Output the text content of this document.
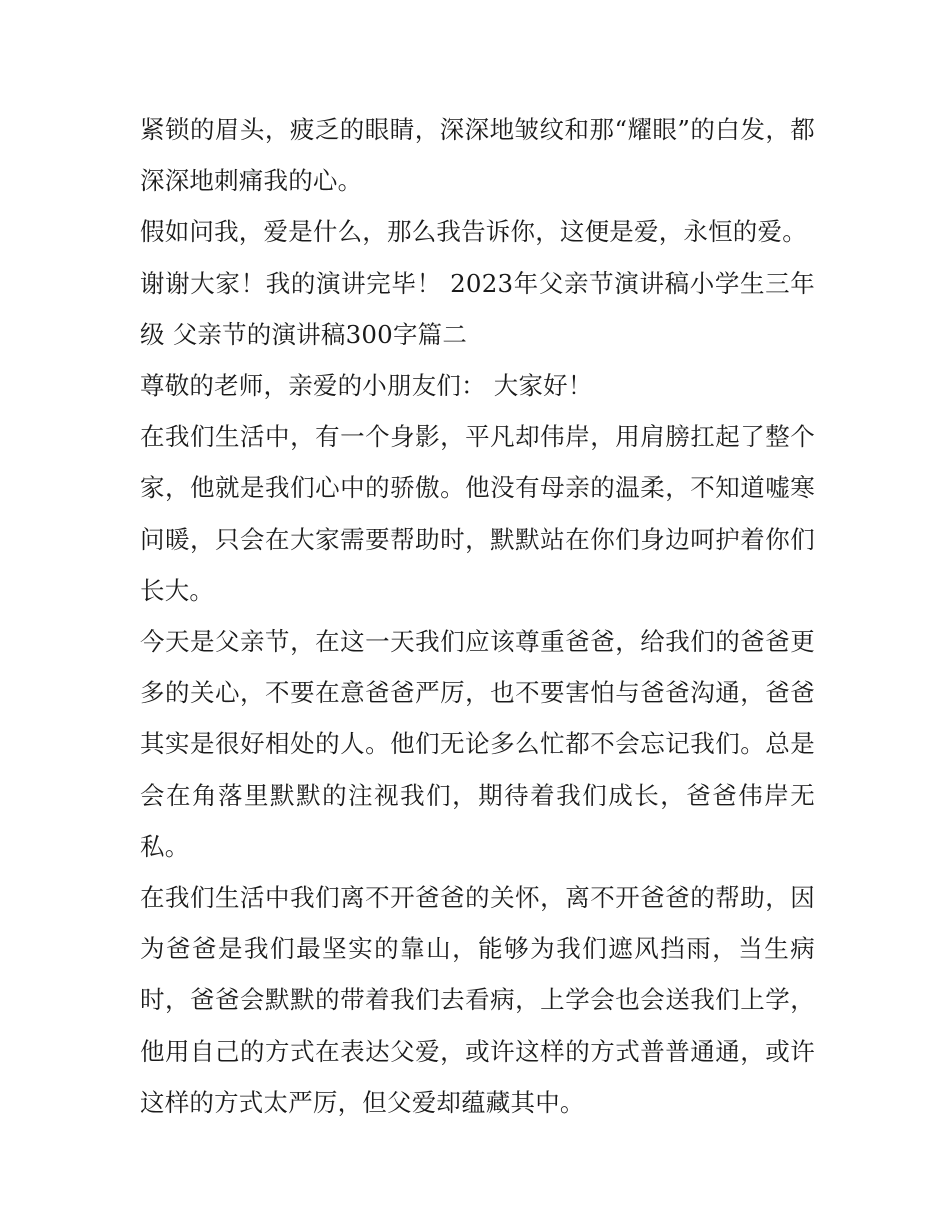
紧锁的眉头，疲乏的眼睛，深深地皱纹和那“耀眼”的白发，都深深地刺痛我的心。

假如问我，爱是什么，那么我告诉你，这便是爱，永恒的爱。

谢谢大家！我的演讲完毕！ 2023年父亲节演讲稿小学生三年级 父亲节的演讲稿300字篇二

尊敬的老师，亲爱的小朋友们： 大家好！

在我们生活中，有一个身影，平凡却伟岸，用肩膀扛起了整个家，他就是我们心中的骄傲。他没有母亲的温柔，不知道嘘寒问暖，只会在大家需要帮助时，默默站在你们身边呵护着你们长大。

今天是父亲节，在这一天我们应该尊重爸爸，给我们的爸爸更多的关心，不要在意爸爸严厉，也不要害怕与爸爸沟通，爸爸其实是很好相处的人。他们无论多么忙都不会忘记我们。总是会在角落里默默的注视我们，期待着我们成长，爸爸伟岸无私。

在我们生活中我们离不开爸爸的关怀，离不开爸爸的帮助，因为爸爸是我们最坚实的靠山，能够为我们遮风挡雨，当生病时，爸爸会默默的带着我们去看病，上学会也会送我们上学，他用自己的方式在表达父爱，或许这样的方式普普通通，或许这样的方式太严厉，但父爱却蕴藏其中。
